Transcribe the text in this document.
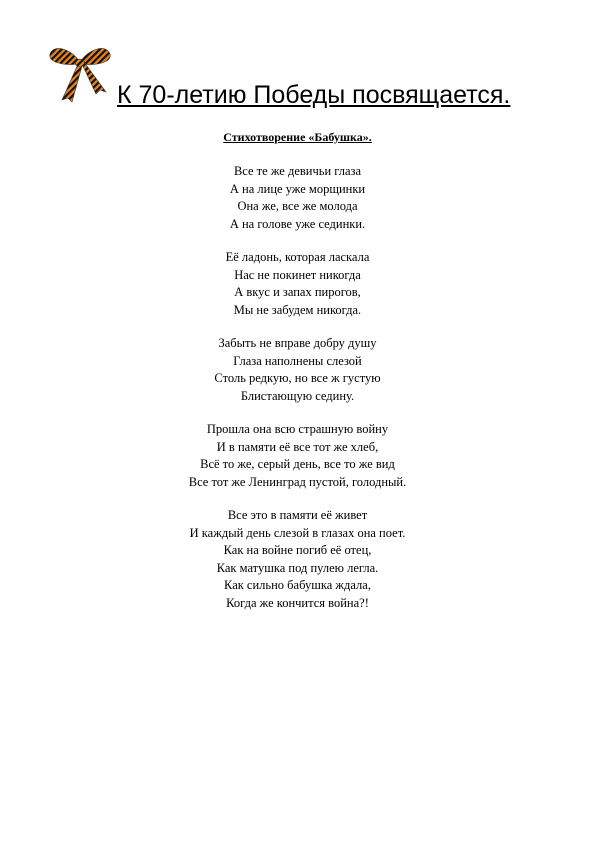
К 70-летию Победы посвящается.

Стихотворение «Бабушка».

Все те же девичьи глаза
А на лице уже морщинки
Она же, все же молода
А на голове уже сединки.
Её ладонь, которая ласкала
Нас не покинет никогда
А вкус и запах пирогов,
Мы не забудем никогда.
Забыть не вправе добру душу
Глаза наполнены слезой
Столь редкую, но все ж густую
Блистающую седину.
Прошла она всю страшную войну
И в памяти её все тот же хлеб,
Всё то же, серый день, все то же вид
Все тот же Ленинград пустой, голодный.
Все это в памяти её живет
И каждый день слезой в глазах она поет.
Как на войне погиб её отец,
Как матушка под пулею легла.
Как сильно бабушка ждала,
Когда же кончится война?!
